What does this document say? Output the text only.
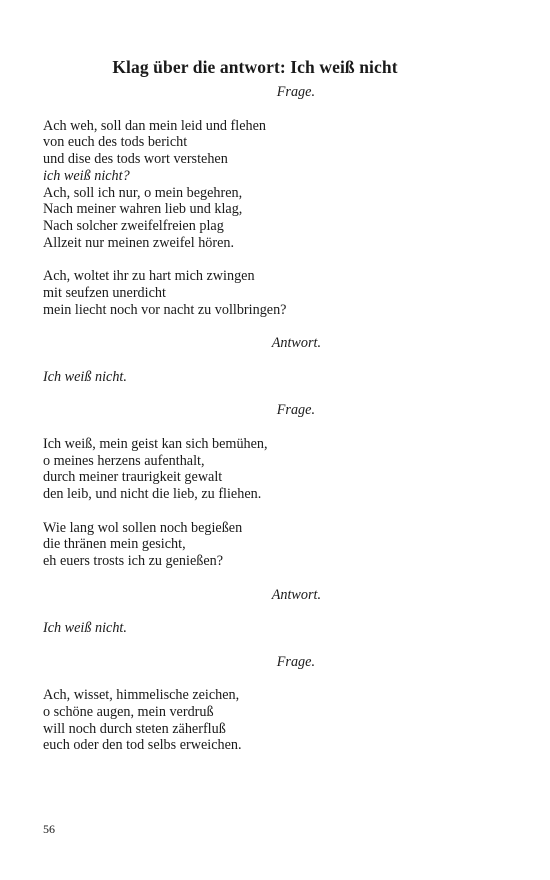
Klag über die antwort: Ich weiß nicht
Frage.
Ach weh, soll dan mein leid und flehen
von euch des tods bericht
und dise des tods wort verstehen
ich weiß nicht?
Ach, soll ich nur, o mein begehren,
Nach meiner wahren lieb und klag,
Nach solcher zweifelfreien plag
Allzeit nur meinen zweifel hören.
Ach, woltet ihr zu hart mich zwingen
mit seufzen unerdicht
mein liecht noch vor nacht zu vollbringen?
Antwort.
Ich weiß nicht.
Frage.
Ich weiß, mein geist kan sich bemühen,
o meines herzens aufenthalt,
durch meiner traurigkeit gewalt
den leib, und nicht die lieb, zu fliehen.
Wie lang wol sollen noch begießen
die thränen mein gesicht,
eh euers trosts ich zu genießen?
Antwort.
Ich weiß nicht.
Frage.
Ach, wisset, himmelische zeichen,
o schöne augen, mein verdruß
will noch durch steten zäherfluß
euch oder den tod selbs erweichen.
56
